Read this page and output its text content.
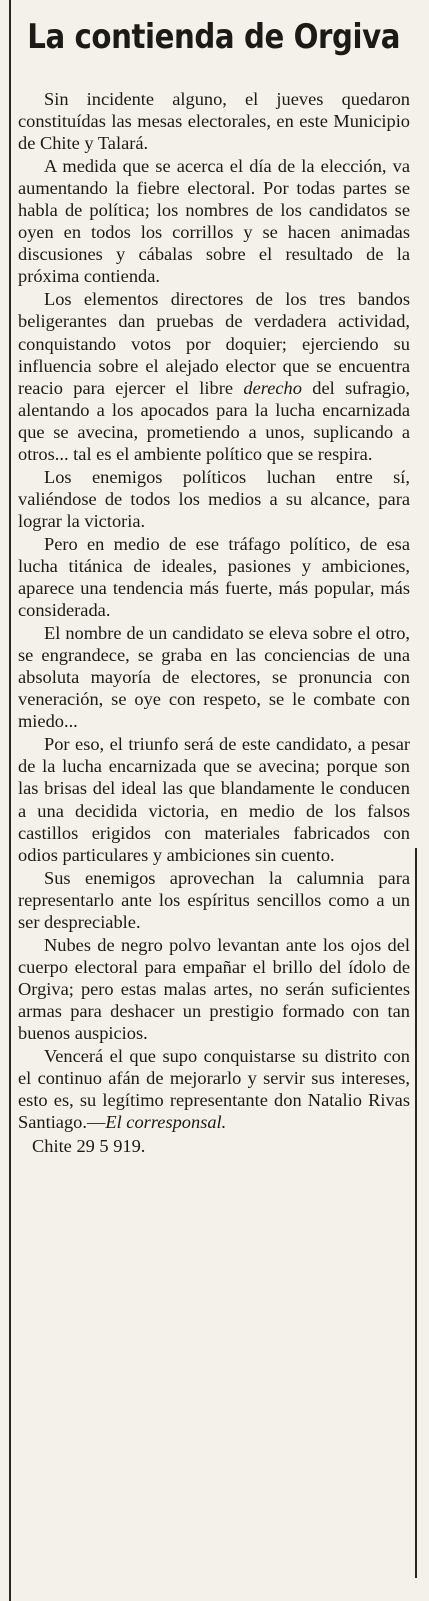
La contienda de Orgiva

Sin incidente alguno, el jueves quedaron constituídas las mesas electorales, en este Municipio de Chite y Talará.

A medida que se acerca el día de la elección, va aumentando la fiebre electoral. Por todas partes se habla de política; los nombres de los candidatos se oyen en todos los corrillos y se hacen animadas discusiones y cábalas sobre el resultado de la próxima contienda.

Los elementos directores de los tres bandos beligerantes dan pruebas de verdadera actividad, conquistando votos por doquier; ejerciendo su influencia sobre el alejado elector que se encuentra reacio para ejercer el libre derecho del sufragio, alentando a los apocados para la lucha encarnizada que se avecina, prometiendo a unos, suplicando a otros... tal es el ambiente político que se respira.

Los enemigos políticos luchan entre sí, valiéndose de todos los medios a su alcance, para lograr la victoria.

Pero en medio de ese tráfago político, de esa lucha titánica de ideales, pasiones y ambiciones, aparece una tendencia más fuerte, más popular, más considerada.

El nombre de un candidato se eleva sobre el otro, se engrandece, se graba en las conciencias de una absoluta mayoría de electores, se pronuncia con veneración, se oye con respeto, se le combate con miedo...

Por eso, el triunfo será de este candidato, a pesar de la lucha encarnizada que se avecina; porque son las brisas del ideal las que blandamente le conducen a una decidida victoria, en medio de los falsos castillos erigidos con materiales fabricados con odios particulares y ambiciones sin cuento.

Sus enemigos aprovechan la calumnia para representarlo ante los espíritus sencillos como a un ser despreciable.

Nubes de negro polvo levantan ante los ojos del cuerpo electoral para empañar el brillo del ídolo de Orgiva; pero estas malas artes, no serán suficientes armas para deshacer un prestigio formado con tan buenos auspicios.

Vencerá el que supo conquistarse su distrito con el continuo afán de mejorarlo y servir sus intereses, esto es, su legítimo representante don Natalio Rivas Santiago.—El corresponsal.

Chite 29 5 919.
